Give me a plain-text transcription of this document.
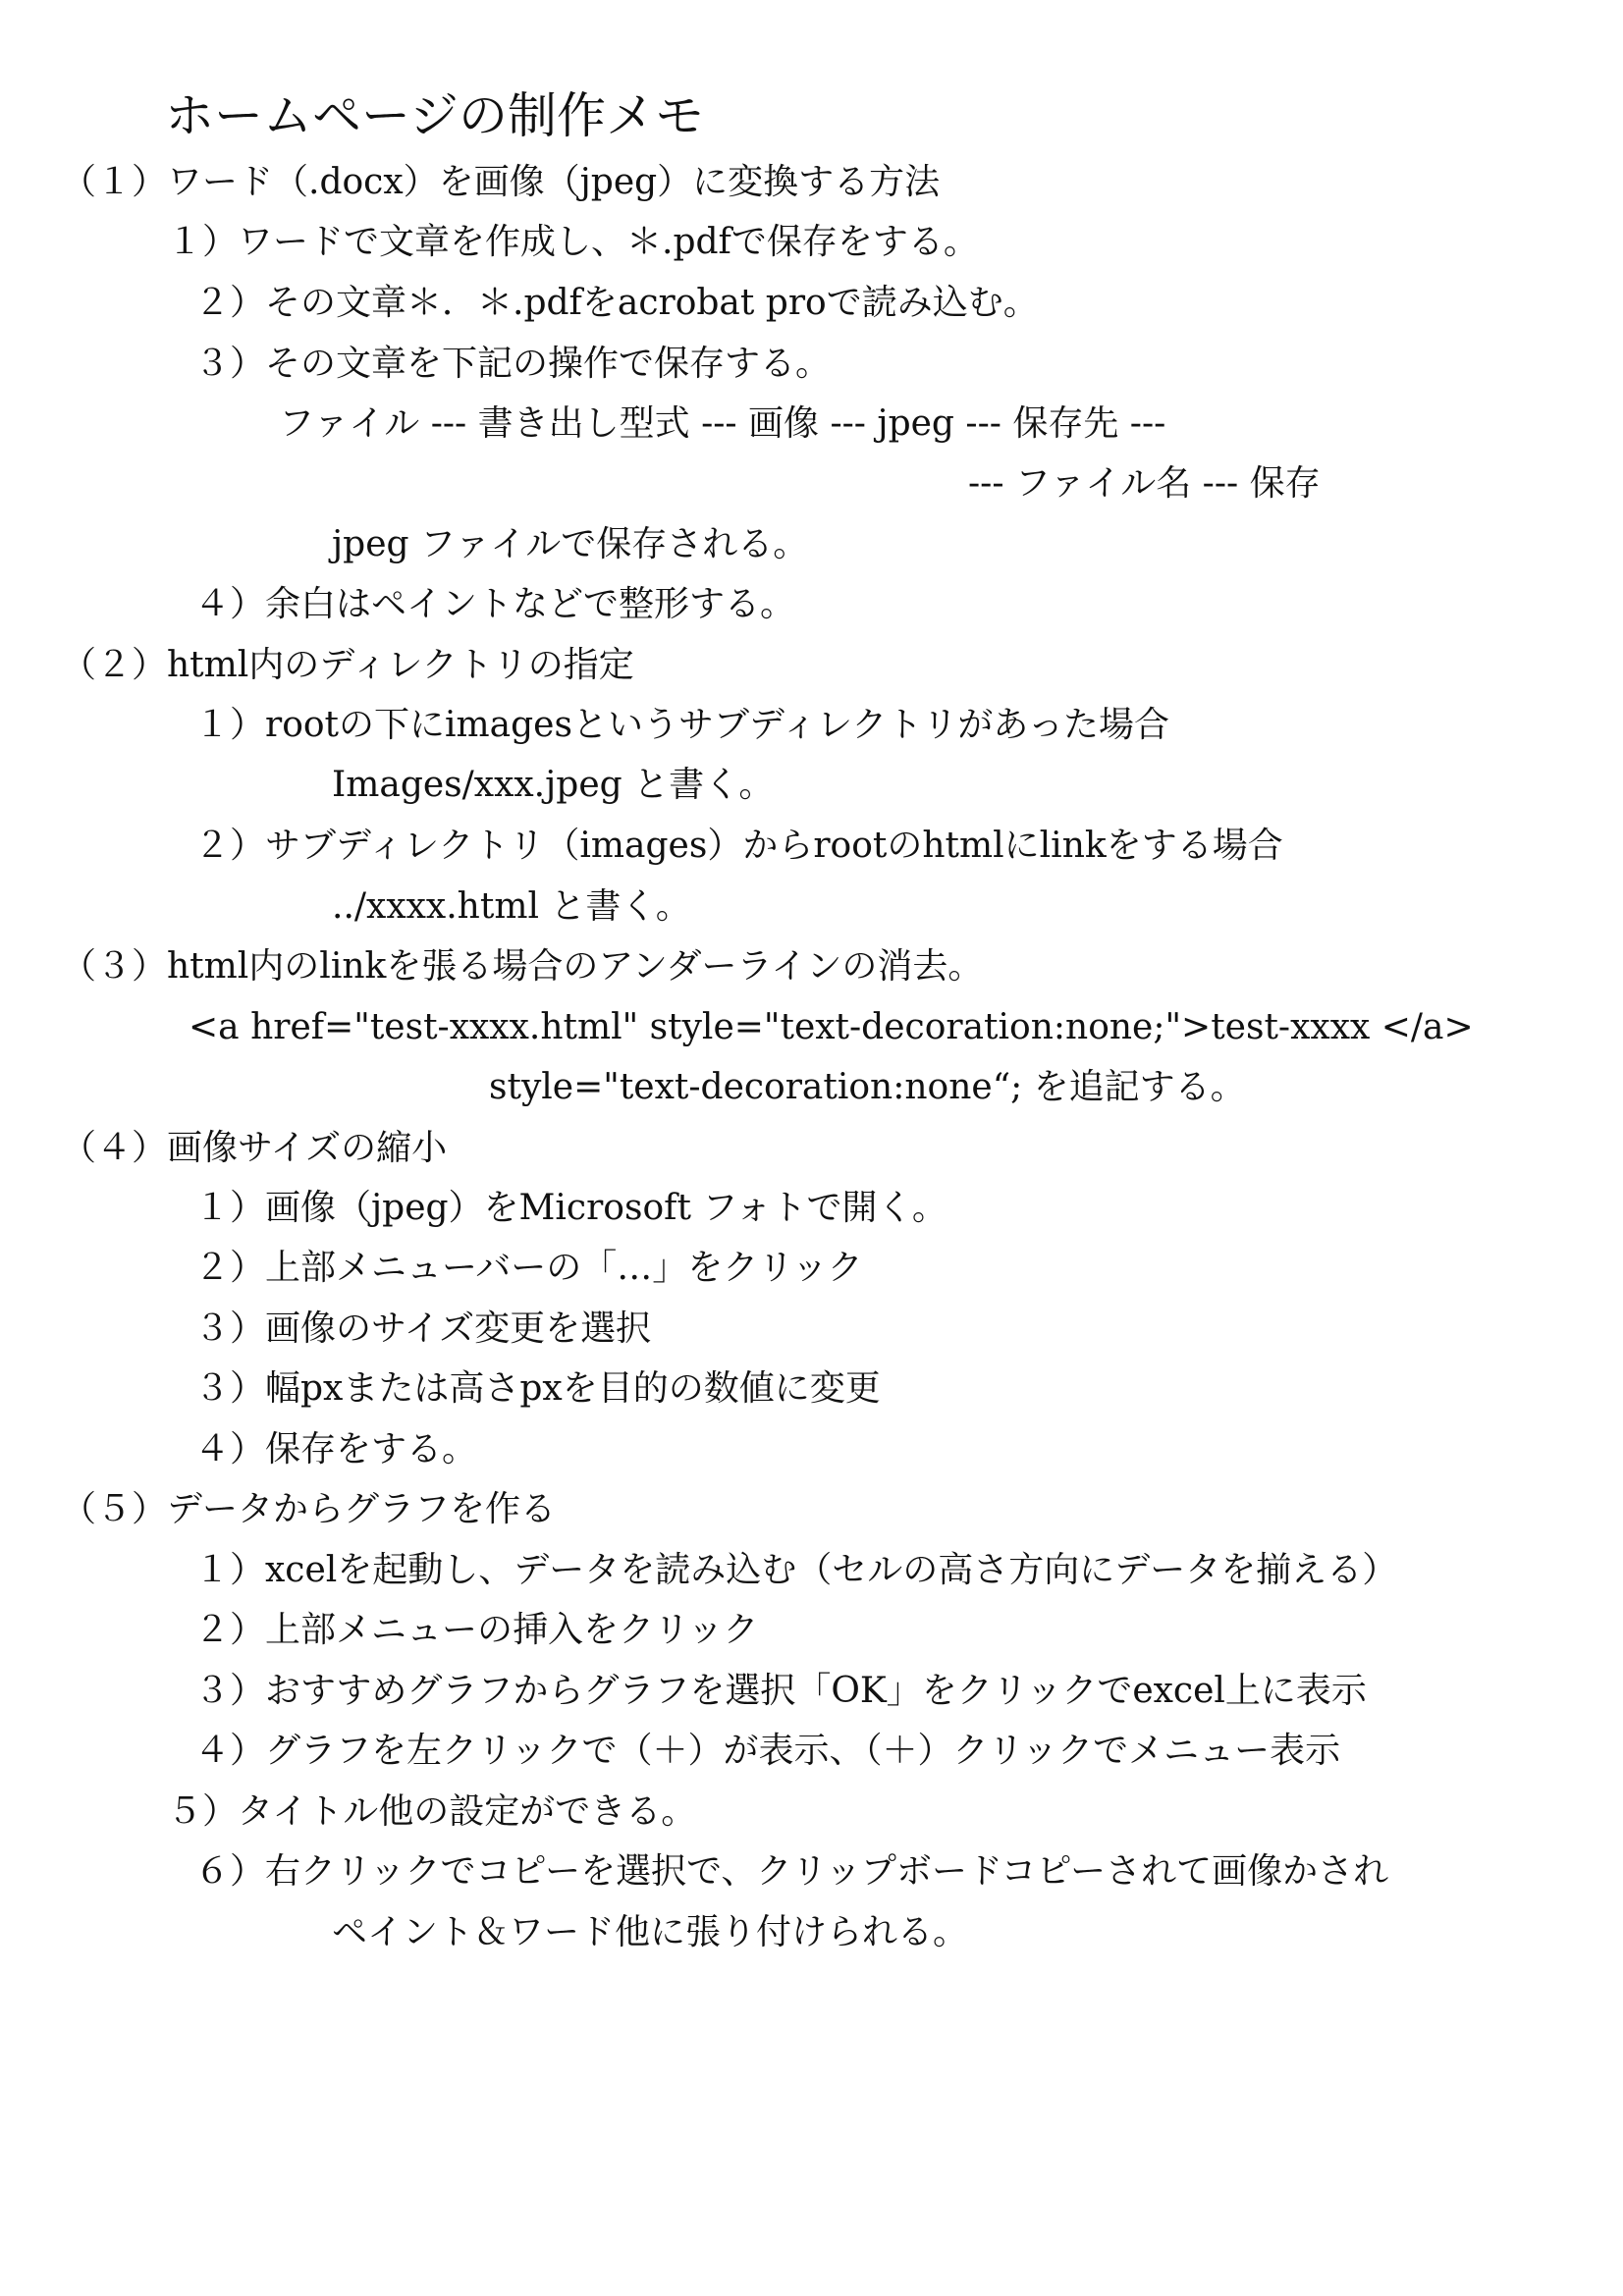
ホームページの制作メモ
（１）ワード（.docx）を画像（jpeg）に変換する方法
１）ワードで文章を作成し、＊.pdfで保存をする。
２）その文章＊．＊.pdfをacrobat proで読み込む。
３）その文章を下記の操作で保存する。
ファイル --- 書き出し型式 --- 画像 --- jpeg --- 保存先 ---
--- ファイル名 --- 保存
jpeg ファイルで保存される。
４）余白はペイントなどで整形する。
（２）html内のディレクトリの指定
１）rootの下にimagesというサブディレクトリがあった場合
Images/xxx.jpeg と書く。
２）サブディレクトリ（images）からrootのhtmlにlinkをする場合
../xxxx.html と書く。
（３）html内のlinkを張る場合のアンダーラインの消去。
<a href="test-xxxx.html" style="text-decoration:none;">test-xxxx </a>
style="text-decoration:none“; を追記する。
（４）画像サイズの縮小
１）画像（jpeg）をMicrosoft フォトで開く。
２）上部メニューバーの「…」をクリック
３）画像のサイズ変更を選択
３）幅pxまたは高さpxを目的の数値に変更
４）保存をする。
（５）データからグラフを作る
１）xcelを起動し、データを読み込む（セルの高さ方向にデータを揃える）
２）上部メニューの挿入をクリック
３）おすすめグラフからグラフを選択「OK」をクリックでexcel上に表示
４）グラフを左クリックで（＋）が表示、（＋）クリックでメニュー表示
５）タイトル他の設定ができる。
６）右クリックでコピーを選択で、クリップボードコピーされて画像かされ
ペイント＆ワード他に張り付けられる。
